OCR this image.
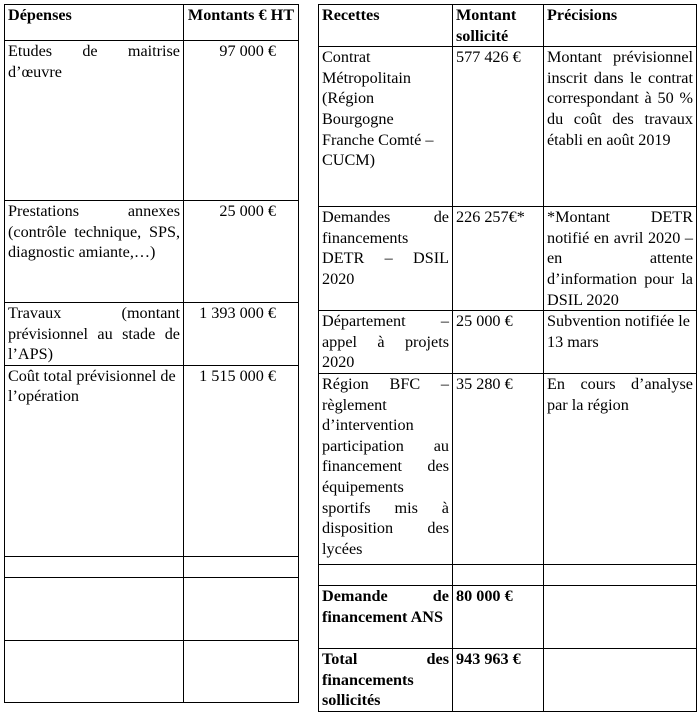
Dépenses	Montants € HT
Etudes de maitrise d’œuvre	97 000 €
Prestations annexes (contrôle technique, SPS, diagnostic amiante,…)	25 000 €
Travaux (montant prévisionnel au stade de l’APS)	1 393 000 €
Coût total prévisionnel de l’opération	1 515 000 €

Recettes	Montant sollicité	Précisions
Contrat Métropolitain (Région Bourgogne Franche Comté – CUCM)	577 426 €	Montant prévisionnel inscrit dans le contrat correspondant à 50 % du coût des travaux établi en août 2019
Demandes de financements DETR – DSIL 2020	226 257€*	*Montant DETR notifié en avril 2020 – en attente d’information pour la DSIL 2020
Département – appel à projets 2020	25 000 €	Subvention notifiée le 13 mars
Région BFC – règlement d’intervention participation au financement des équipements sportifs mis à disposition des lycées	35 280 €	En cours d’analyse par la région

Demande de financement ANS	80 000 €	
Total des financements sollicités	943 963 €	
